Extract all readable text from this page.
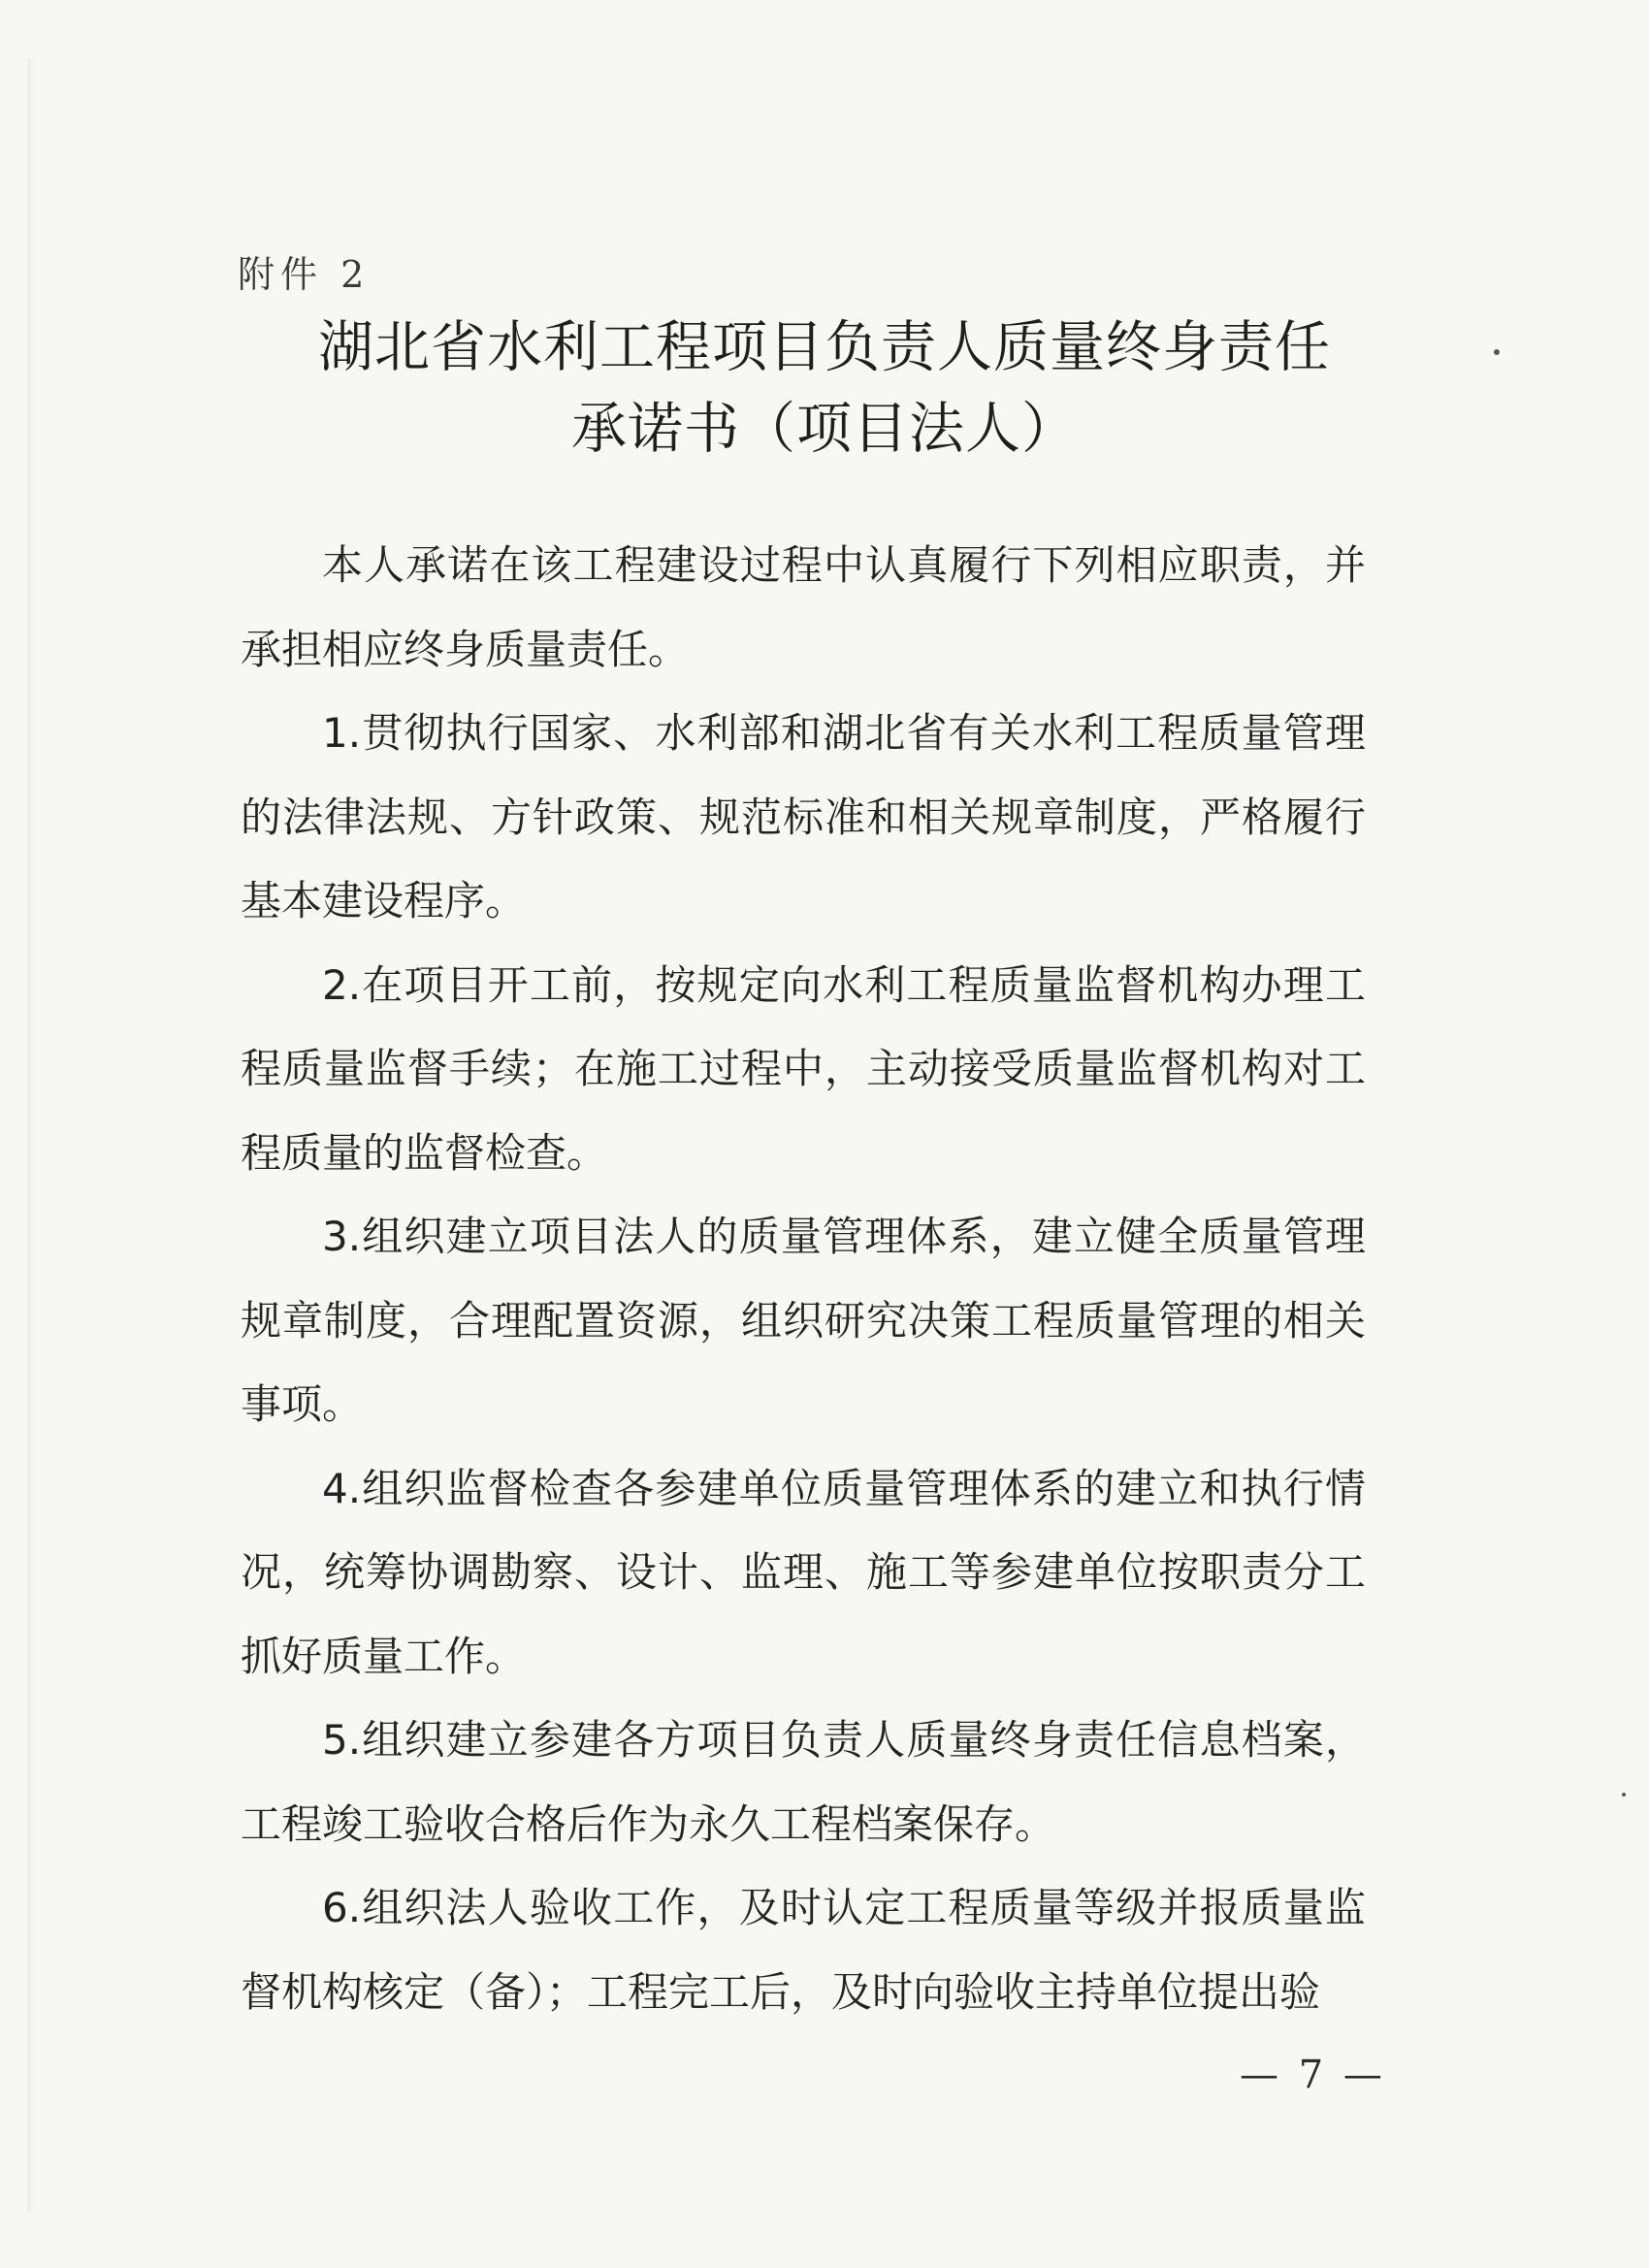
附件 2
湖北省水利工程项目负责人质量终身责任
承诺书（项目法人）

本人承诺在该工程建设过程中认真履行下列相应职责，并承担相应终身质量责任。

1.贯彻执行国家、水利部和湖北省有关水利工程质量管理的法律法规、方针政策、规范标准和相关规章制度，严格履行基本建设程序。

2.在项目开工前，按规定向水利工程质量监督机构办理工程质量监督手续；在施工过程中，主动接受质量监督机构对工程质量的监督检查。

3.组织建立项目法人的质量管理体系，建立健全质量管理规章制度，合理配置资源，组织研究决策工程质量管理的相关事项。

4.组织监督检查各参建单位质量管理体系的建立和执行情况，统筹协调勘察、设计、监理、施工等参建单位按职责分工抓好质量工作。

5.组织建立参建各方项目负责人质量终身责任信息档案，工程竣工验收合格后作为永久工程档案保存。

6.组织法人验收工作，及时认定工程质量等级并报质量监督机构核定（备）；工程完工后，及时向验收主持单位提出验

— 7 —
